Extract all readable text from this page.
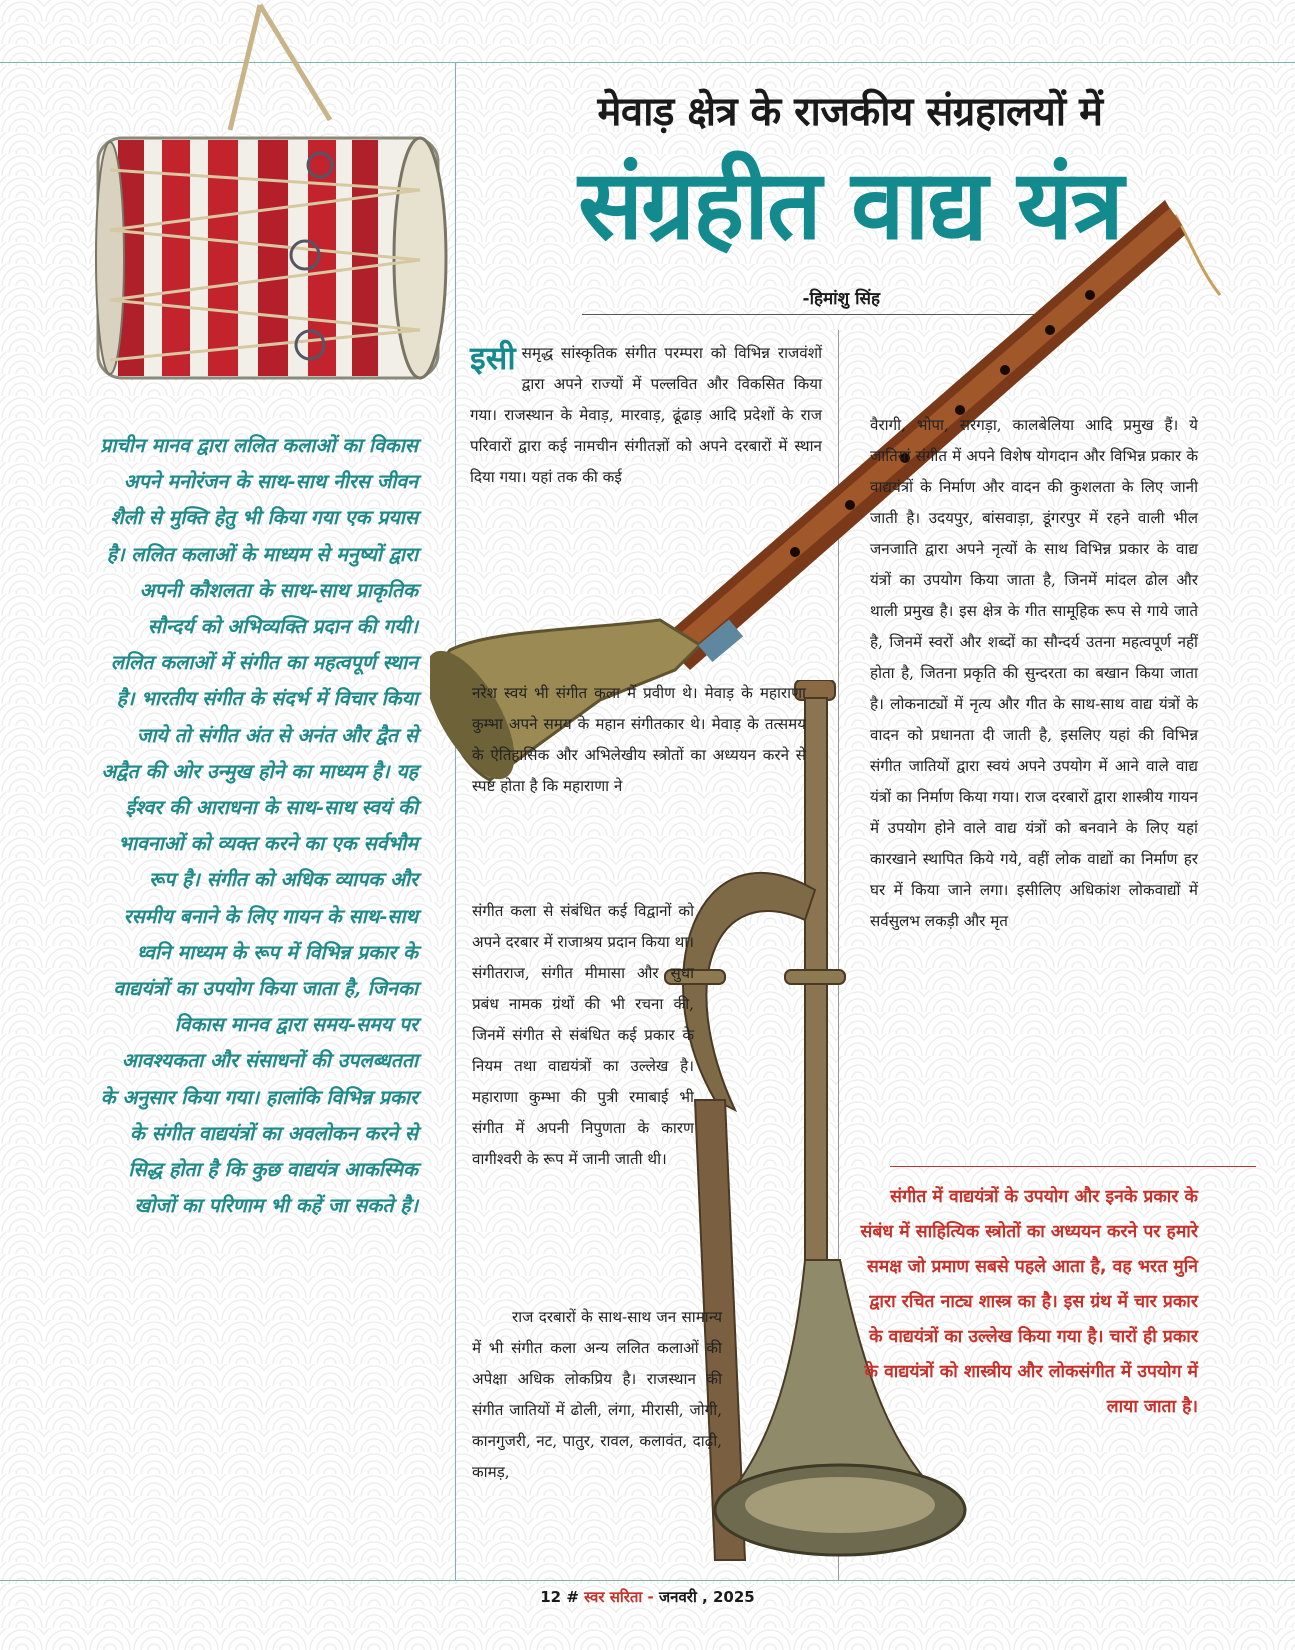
प्राचीन मानव द्वारा ललित कलाओं का विकास अपने मनोरंजन के साथ-साथ नीरस जीवन शैली से मुक्ति हेतु भी किया गया एक प्रयास है। ललित कलाओं के माध्यम से मनुष्यों द्वारा अपनी कौशलता के साथ-साथ प्राकृतिक सौन्दर्य को अभिव्यक्ति प्रदान की गयी। ललित कलाओं में संगीत का महत्वपूर्ण स्थान है। भारतीय संगीत के संदर्भ में विचार किया जाये तो संगीत अंत से अनंत और द्वैत से अद्वैत की ओर उन्मुख होने का माध्यम है। यह ईश्वर की आराधना के साथ-साथ स्वयं की भावनाओं को व्यक्त करने का एक सर्वभौम रूप है। संगीत को अधिक व्यापक और रसमीय बनाने के लिए गायन के साथ-साथ ध्वनि माध्यम के रूप में विभिन्न प्रकार के वाद्ययंत्रों का उपयोग किया जाता है, जिनका विकास मानव द्वारा समय-समय पर आवश्यकता और संसाधनों की उपलब्धतता के अनुसार किया गया। हालांकि विभिन्न प्रकार के संगीत वाद्ययंत्रों का अवलोकन करने से सिद्ध होता है कि कुछ वाद्ययंत्र आकस्मिक खोजों का परिणाम भी कहें जा सकते है।
मेवाड़ क्षेत्र के राजकीय संग्रहालयों में
संग्रहीत वाद्य यंत्र
-हिमांशु सिंह
इसी समृद्ध सांस्कृतिक संगीत परम्परा को विभिन्न राजवंशों द्वारा अपने राज्यों में पल्लवित और विकसित किया गया। राजस्थान के मेवाड़, मारवाड़, ढूंढाड़ आदि प्रदेशों के राज परिवारों द्वारा कई नामचीन संगीतज्ञों को अपने दरबारों में स्थान दिया गया। यहां तक की कई
नरेश स्वयं भी संगीत कला में प्रवीण थे। मेवाड़ के महाराणा कुम्भा अपने समय के महान संगीतकार थे। मेवाड़ के तत्समय के ऐतिहासिक और अभिलेखीय स्त्रोतों का अध्ययन करने से स्पष्ट होता है कि महाराणा ने
संगीत कला से संबंधित कई विद्वानों को अपने दरबार में राजाश्रय प्रदान किया था। संगीतराज, संगीत मीमासा और सुधा प्रबंध नामक ग्रंथों की भी रचना की, जिनमें संगीत से संबंधित कई प्रकार के नियम तथा वाद्ययंत्रों का उल्लेख है। महाराणा कुम्भा की पुत्री रमाबाई भी संगीत में अपनी निपुणता के कारण वागीश्वरी के रूप में जानी जाती थी।
राज दरबारों के साथ-साथ जन सामान्य में भी संगीत कला अन्य ललित कलाओं की अपेक्षा अधिक लोकप्रिय है। राजस्थान की संगीत जातियों में ढोली, लंगा, मीरासी, जोगी, कानगुजरी, नट, पातुर, रावल, कलावंत, दाढ़ी, कामड़,
वैरागी, भोपा, सरगड़ा, कालबेलिया आदि प्रमुख हैं। ये जातियां संगीत में अपने विशेष योगदान और विभिन्न प्रकार के वाद्ययंत्रों के निर्माण और वादन की कुशलता के लिए जानी जाती है। उदयपुर, बांसवाड़ा, डूंगरपुर में रहने वाली भील जनजाति द्वारा अपने नृत्यों के साथ विभिन्न प्रकार के वाद्य यंत्रों का उपयोग किया जाता है, जिनमें मांदल ढोल और थाली प्रमुख है। इस क्षेत्र के गीत सामूहिक रूप से गाये जाते है, जिनमें स्वरों और शब्दों का सौन्दर्य उतना महत्वपूर्ण नहीं होता है, जितना प्रकृति की सुन्दरता का बखान किया जाता है। लोकनाट्यों में नृत्य और गीत के साथ-साथ वाद्य यंत्रों के वादन को प्रधानता दी जाती है, इसलिए यहां की विभिन्न संगीत जातियों द्वारा स्वयं अपने उपयोग में आने वाले वाद्य यंत्रों का निर्माण किया गया। राज दरबारों द्वारा शास्त्रीय गायन में उपयोग होने वाले वाद्य यंत्रों को बनवाने के लिए यहां कारखाने स्थापित किये गये, वहीं लोक वाद्यों का निर्माण हर घर में किया जाने लगा। इसीलिए अधिकांश लोकवाद्यों में सर्वसुलभ लकड़ी और मृत
संगीत में वाद्ययंत्रों के उपयोग और इनके प्रकार के संबंध में साहित्यिक स्त्रोतों का अध्ययन करने पर हमारे समक्ष जो प्रमाण सबसे पहले आता है, वह भरत मुनि द्वारा रचित नाट्य शास्त्र का है। इस ग्रंथ में चार प्रकार के वाद्ययंत्रों का उल्लेख किया गया है। चारों ही प्रकार के वाद्ययंत्रों को शास्त्रीय और लोकसंगीत में उपयोग में लाया जाता है।
12 # स्वर सरिता - जनवरी , 2025
